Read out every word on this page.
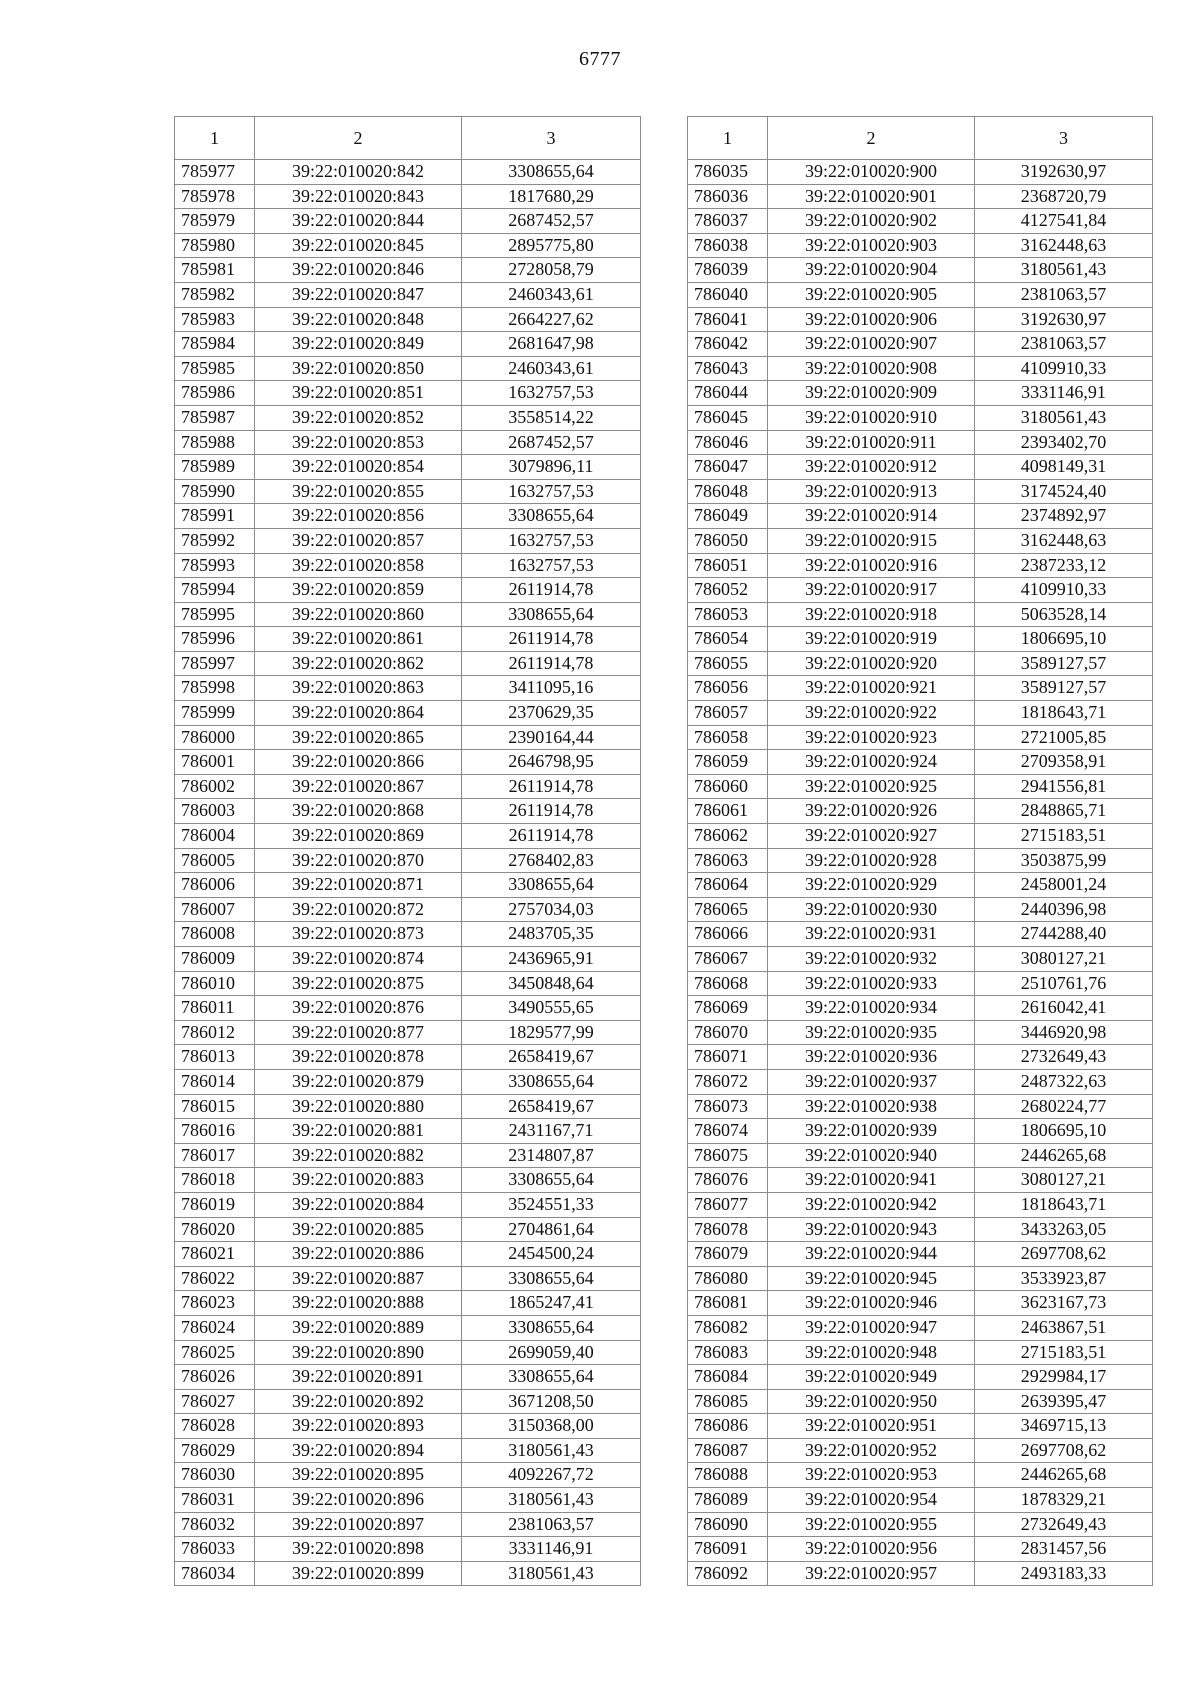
6777
1	2	3
785977	39:22:010020:842	3308655,64
785978	39:22:010020:843	1817680,29
785979	39:22:010020:844	2687452,57
785980	39:22:010020:845	2895775,80
785981	39:22:010020:846	2728058,79
785982	39:22:010020:847	2460343,61
785983	39:22:010020:848	2664227,62
785984	39:22:010020:849	2681647,98
785985	39:22:010020:850	2460343,61
785986	39:22:010020:851	1632757,53
785987	39:22:010020:852	3558514,22
785988	39:22:010020:853	2687452,57
785989	39:22:010020:854	3079896,11
785990	39:22:010020:855	1632757,53
785991	39:22:010020:856	3308655,64
785992	39:22:010020:857	1632757,53
785993	39:22:010020:858	1632757,53
785994	39:22:010020:859	2611914,78
785995	39:22:010020:860	3308655,64
785996	39:22:010020:861	2611914,78
785997	39:22:010020:862	2611914,78
785998	39:22:010020:863	3411095,16
785999	39:22:010020:864	2370629,35
786000	39:22:010020:865	2390164,44
786001	39:22:010020:866	2646798,95
786002	39:22:010020:867	2611914,78
786003	39:22:010020:868	2611914,78
786004	39:22:010020:869	2611914,78
786005	39:22:010020:870	2768402,83
786006	39:22:010020:871	3308655,64
786007	39:22:010020:872	2757034,03
786008	39:22:010020:873	2483705,35
786009	39:22:010020:874	2436965,91
786010	39:22:010020:875	3450848,64
786011	39:22:010020:876	3490555,65
786012	39:22:010020:877	1829577,99
786013	39:22:010020:878	2658419,67
786014	39:22:010020:879	3308655,64
786015	39:22:010020:880	2658419,67
786016	39:22:010020:881	2431167,71
786017	39:22:010020:882	2314807,87
786018	39:22:010020:883	3308655,64
786019	39:22:010020:884	3524551,33
786020	39:22:010020:885	2704861,64
786021	39:22:010020:886	2454500,24
786022	39:22:010020:887	3308655,64
786023	39:22:010020:888	1865247,41
786024	39:22:010020:889	3308655,64
786025	39:22:010020:890	2699059,40
786026	39:22:010020:891	3308655,64
786027	39:22:010020:892	3671208,50
786028	39:22:010020:893	3150368,00
786029	39:22:010020:894	3180561,43
786030	39:22:010020:895	4092267,72
786031	39:22:010020:896	3180561,43
786032	39:22:010020:897	2381063,57
786033	39:22:010020:898	3331146,91
786034	39:22:010020:899	3180561,43
1	2	3
786035	39:22:010020:900	3192630,97
786036	39:22:010020:901	2368720,79
786037	39:22:010020:902	4127541,84
786038	39:22:010020:903	3162448,63
786039	39:22:010020:904	3180561,43
786040	39:22:010020:905	2381063,57
786041	39:22:010020:906	3192630,97
786042	39:22:010020:907	2381063,57
786043	39:22:010020:908	4109910,33
786044	39:22:010020:909	3331146,91
786045	39:22:010020:910	3180561,43
786046	39:22:010020:911	2393402,70
786047	39:22:010020:912	4098149,31
786048	39:22:010020:913	3174524,40
786049	39:22:010020:914	2374892,97
786050	39:22:010020:915	3162448,63
786051	39:22:010020:916	2387233,12
786052	39:22:010020:917	4109910,33
786053	39:22:010020:918	5063528,14
786054	39:22:010020:919	1806695,10
786055	39:22:010020:920	3589127,57
786056	39:22:010020:921	3589127,57
786057	39:22:010020:922	1818643,71
786058	39:22:010020:923	2721005,85
786059	39:22:010020:924	2709358,91
786060	39:22:010020:925	2941556,81
786061	39:22:010020:926	2848865,71
786062	39:22:010020:927	2715183,51
786063	39:22:010020:928	3503875,99
786064	39:22:010020:929	2458001,24
786065	39:22:010020:930	2440396,98
786066	39:22:010020:931	2744288,40
786067	39:22:010020:932	3080127,21
786068	39:22:010020:933	2510761,76
786069	39:22:010020:934	2616042,41
786070	39:22:010020:935	3446920,98
786071	39:22:010020:936	2732649,43
786072	39:22:010020:937	2487322,63
786073	39:22:010020:938	2680224,77
786074	39:22:010020:939	1806695,10
786075	39:22:010020:940	2446265,68
786076	39:22:010020:941	3080127,21
786077	39:22:010020:942	1818643,71
786078	39:22:010020:943	3433263,05
786079	39:22:010020:944	2697708,62
786080	39:22:010020:945	3533923,87
786081	39:22:010020:946	3623167,73
786082	39:22:010020:947	2463867,51
786083	39:22:010020:948	2715183,51
786084	39:22:010020:949	2929984,17
786085	39:22:010020:950	2639395,47
786086	39:22:010020:951	3469715,13
786087	39:22:010020:952	2697708,62
786088	39:22:010020:953	2446265,68
786089	39:22:010020:954	1878329,21
786090	39:22:010020:955	2732649,43
786091	39:22:010020:956	2831457,56
786092	39:22:010020:957	2493183,33
